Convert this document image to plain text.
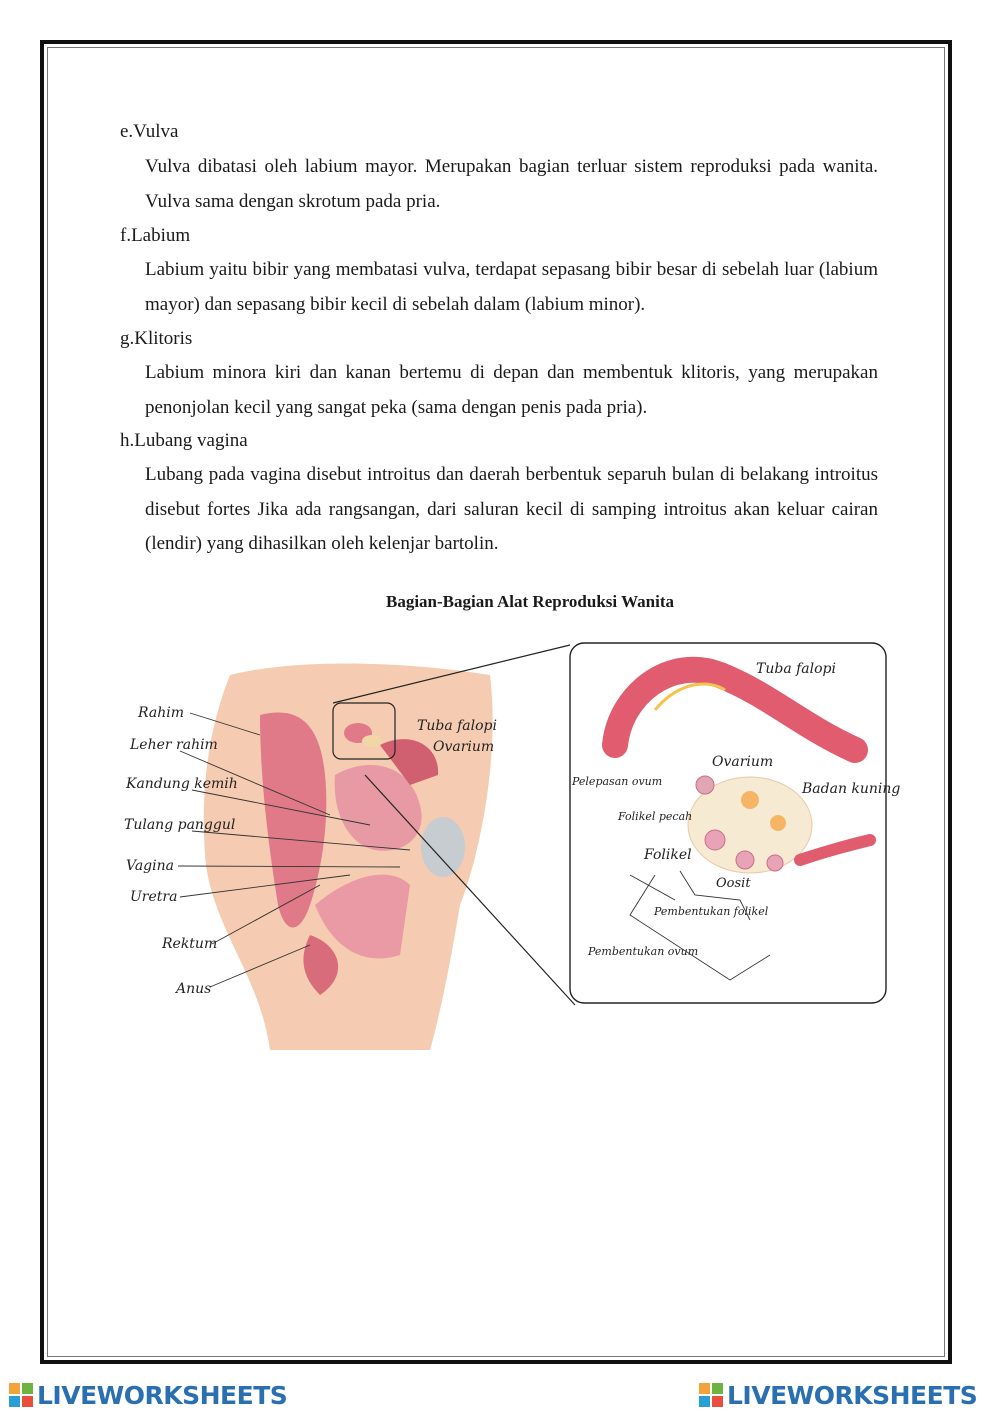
e.Vulva

Vulva dibatasi oleh labium mayor. Merupakan bagian terluar sistem reproduksi pada wanita. Vulva sama dengan skrotum pada pria.

f.Labium

Labium yaitu bibir yang membatasi vulva, terdapat sepasang bibir besar di sebelah luar (labium mayor) dan sepasang bibir kecil di sebelah dalam (labium minor).

g.Klitoris

Labium minora kiri dan kanan bertemu di depan dan membentuk klitoris, yang merupakan penonjolan kecil yang sangat peka (sama dengan penis pada pria).

h.Lubang vagina

Lubang pada vagina disebut introitus dan daerah berbentuk separuh bulan di belakang introitus disebut fortes Jika ada rangsangan, dari saluran kecil di samping introitus akan keluar cairan (lendir) yang dihasilkan oleh kelenjar bartolin.

Bagian-Bagian Alat Reproduksi Wanita
Rahim
Leher rahim
Kandung kemih
Tulang panggul
Vagina
Uretra
Rektum
Anus
Tuba falopi
Ovarium
Tuba falopi
Ovarium
Pelepasan ovum	Badan kuning
Folikel pecah
Folikel
Oosit
Pembentukan folikel
Pembentukan ovum
LIVEWORKSHEETS	LIVEWORKSHEETS
